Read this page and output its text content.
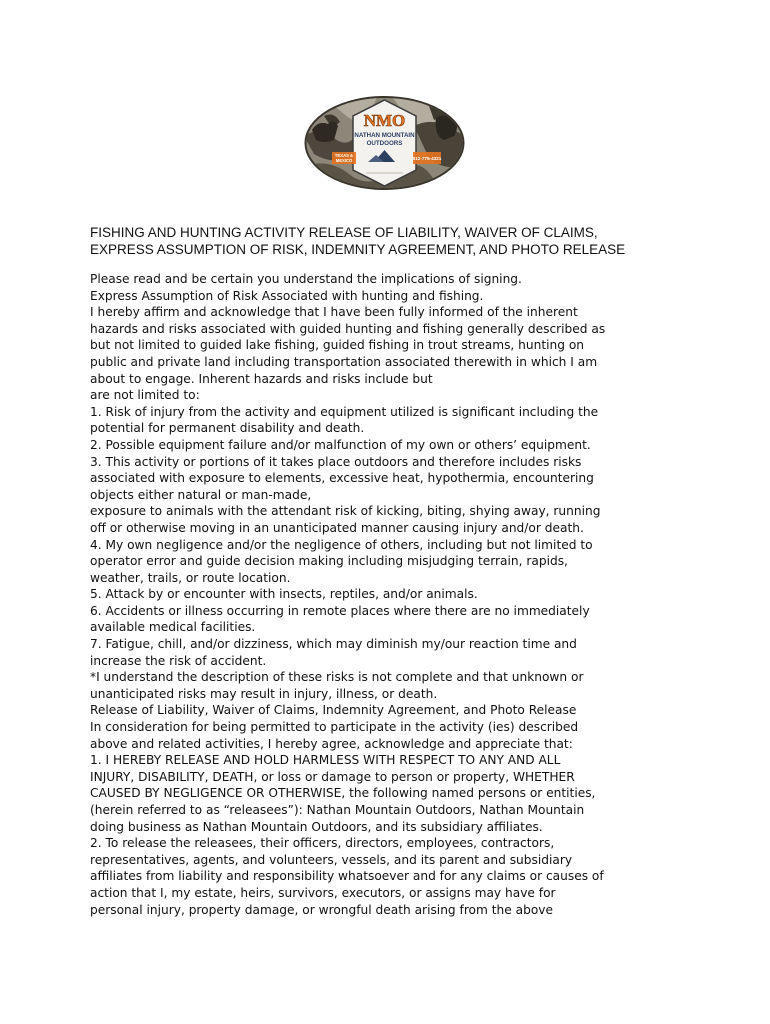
NMO
NATHAN MOUNTAIN
OUTDOORS
TEXAS &
MEXICO	512-775-4321
FISHING AND HUNTING ACTIVITY RELEASE OF LIABILITY, WAIVER OF CLAIMS,
EXPRESS ASSUMPTION OF RISK, INDEMNITY AGREEMENT, AND PHOTO RELEASE
Please read and be certain you understand the implications of signing.
Express Assumption of Risk Associated with hunting and fishing.
I hereby affirm and acknowledge that I have been fully informed of the inherent
hazards and risks associated with guided hunting and fishing generally described as
but not limited to guided lake fishing, guided fishing in trout streams, hunting on
public and private land including transportation associated therewith in which I am
about to engage. Inherent hazards and risks include but
are not limited to:
1. Risk of injury from the activity and equipment utilized is significant including the
potential for permanent disability and death.
2. Possible equipment failure and/or malfunction of my own or others’ equipment.
3. This activity or portions of it takes place outdoors and therefore includes risks
associated with exposure to elements, excessive heat, hypothermia, encountering
objects either natural or man-made,
exposure to animals with the attendant risk of kicking, biting, shying away, running
off or otherwise moving in an unanticipated manner causing injury and/or death.
4. My own negligence and/or the negligence of others, including but not limited to
operator error and guide decision making including misjudging terrain, rapids,
weather, trails, or route location.
5. Attack by or encounter with insects, reptiles, and/or animals.
6. Accidents or illness occurring in remote places where there are no immediately
available medical facilities.
7. Fatigue, chill, and/or dizziness, which may diminish my/our reaction time and
increase the risk of accident.
*I understand the description of these risks is not complete and that unknown or
unanticipated risks may result in injury, illness, or death.
Release of Liability, Waiver of Claims, Indemnity Agreement, and Photo Release
In consideration for being permitted to participate in the activity (ies) described
above and related activities, I hereby agree, acknowledge and appreciate that:
1. I HEREBY RELEASE AND HOLD HARMLESS WITH RESPECT TO ANY AND ALL
INJURY, DISABILITY, DEATH, or loss or damage to person or property, WHETHER
CAUSED BY NEGLIGENCE OR OTHERWISE, the following named persons or entities,
(herein referred to as “releasees”): Nathan Mountain Outdoors, Nathan Mountain
doing business as Nathan Mountain Outdoors, and its subsidiary affiliates.
2. To release the releasees, their officers, directors, employees, contractors,
representatives, agents, and volunteers, vessels, and its parent and subsidiary
affiliates from liability and responsibility whatsoever and for any claims or causes of
action that I, my estate, heirs, survivors, executors, or assigns may have for
personal injury, property damage, or wrongful death arising from the above
